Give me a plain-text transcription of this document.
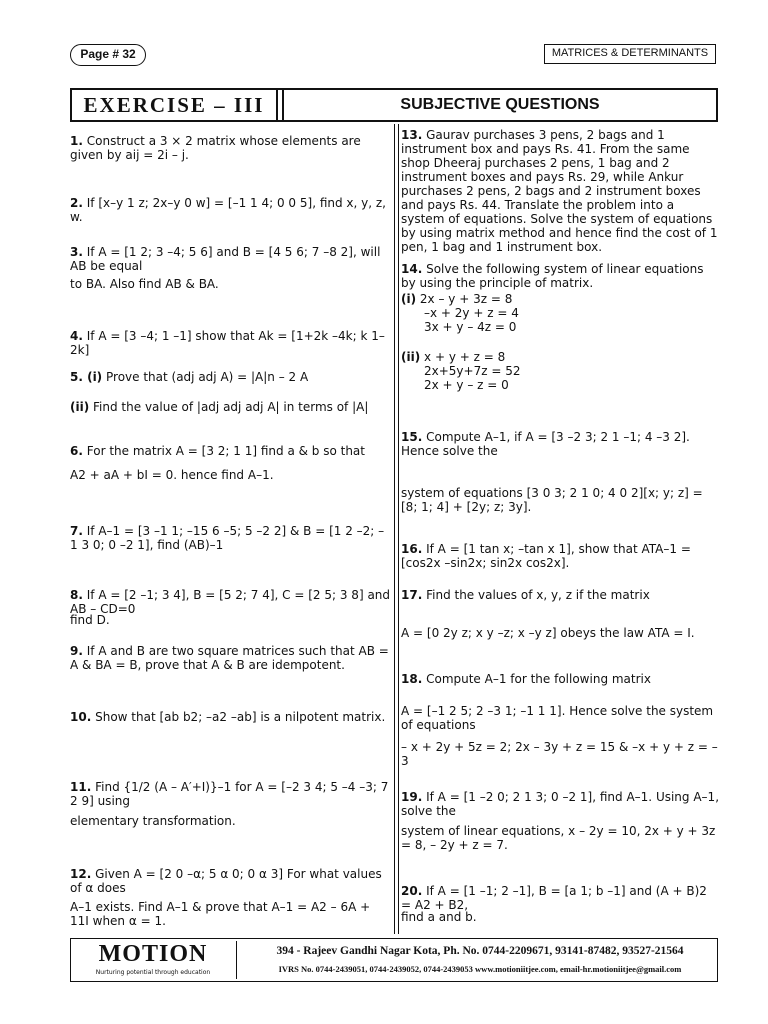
Page # 32	MATRICES & DETERMINANTS
EXERCISE – III	SUBJECTIVE QUESTIONS
1. Construct a 3 × 2 matrix whose elements are given by aij = 2i – j.
2. If [x–y 1 z; 2x–y 0 w] = [–1 1 4; 0 0 5], find x, y, z, w.
3. If A = [1 2; 3 –4; 5 6] and B = [4 5 6; 7 –8 2], will AB be equal
to BA. Also find AB & BA.
4. If A = [3 –4; 1 –1] show that Ak = [1+2k –4k; k 1–2k]
5. (i) Prove that (adj adj A) = |A|n – 2 A
(ii) Find the value of |adj adj adj A| in terms of |A|
6. For the matrix A = [3 2; 1 1] find a & b so that
A2 + aA + bI = 0. hence find A–1.
7. If A–1 = [3 –1 1; –15 6 –5; 5 –2 2] & B = [1 2 –2; –1 3 0; 0 –2 1], find (AB)–1
8. If A = [2 –1; 3 4], B = [5 2; 7 4], C = [2 5; 3 8] and AB – CD=0
find D.
9. If A and B are two square matrices such that AB = A & BA = B, prove that A & B are idempotent.
10. Show that [ab b2; –a2 –ab] is a nilpotent matrix.
11. Find {1/2 (A – A′+I)}–1 for A = [–2 3 4; 5 –4 –3; 7 2 9] using
elementary transformation.
12. Given A = [2 0 –α; 5 α 0; 0 α 3] For what values of α does
A–1 exists. Find A–1 & prove that A–1 = A2 – 6A + 11I when α = 1.
13. Gaurav purchases 3 pens, 2 bags and 1 instrument box and pays Rs. 41. From the same shop Dheeraj purchases 2 pens, 1 bag and 2 instrument boxes and pays Rs. 29, while Ankur purchases 2 pens, 2 bags and 2 instrument boxes and pays Rs. 44. Translate the problem into a system of equations. Solve the system of equations by using matrix method and hence find the cost of 1 pen, 1 bag and 1 instrument box.
14. Solve the following system of linear equations by using the principle of matrix.
(i) 2x – y + 3z = 8
–x + 2y + z = 4
3x + y – 4z = 0
(ii) x + y + z = 8
2x+5y+7z = 52
2x + y – z = 0
15. Compute A–1, if A = [3 –2 3; 2 1 –1; 4 –3 2]. Hence solve the
system of equations [3 0 3; 2 1 0; 4 0 2][x; y; z] = [8; 1; 4] + [2y; z; 3y].
16. If A = [1 tan x; –tan x 1], show that ATA–1 = [cos2x –sin2x; sin2x cos2x].
17. Find the values of x, y, z if the matrix
A = [0 2y z; x y –z; x –y z] obeys the law ATA = I.
18. Compute A–1 for the following matrix
A = [–1 2 5; 2 –3 1; –1 1 1]. Hence solve the system of equations
– x + 2y + 5z = 2; 2x – 3y + z = 15 & –x + y + z = –3
19. If A = [1 –2 0; 2 1 3; 0 –2 1], find A–1. Using A–1, solve the
system of linear equations, x – 2y = 10, 2x + y + 3z = 8, – 2y + z = 7.
20. If A = [1 –1; 2 –1], B = [a 1; b –1] and (A + B)2 = A2 + B2,
find a and b.
MOTION
Nurturing potential through education
394 - Rajeev Gandhi Nagar Kota, Ph. No. 0744-2209671, 93141-87482, 93527-21564
IVRS No. 0744-2439051, 0744-2439052, 0744-2439053 www.motioniitjee.com, email-hr.motioniitjee@gmail.com
